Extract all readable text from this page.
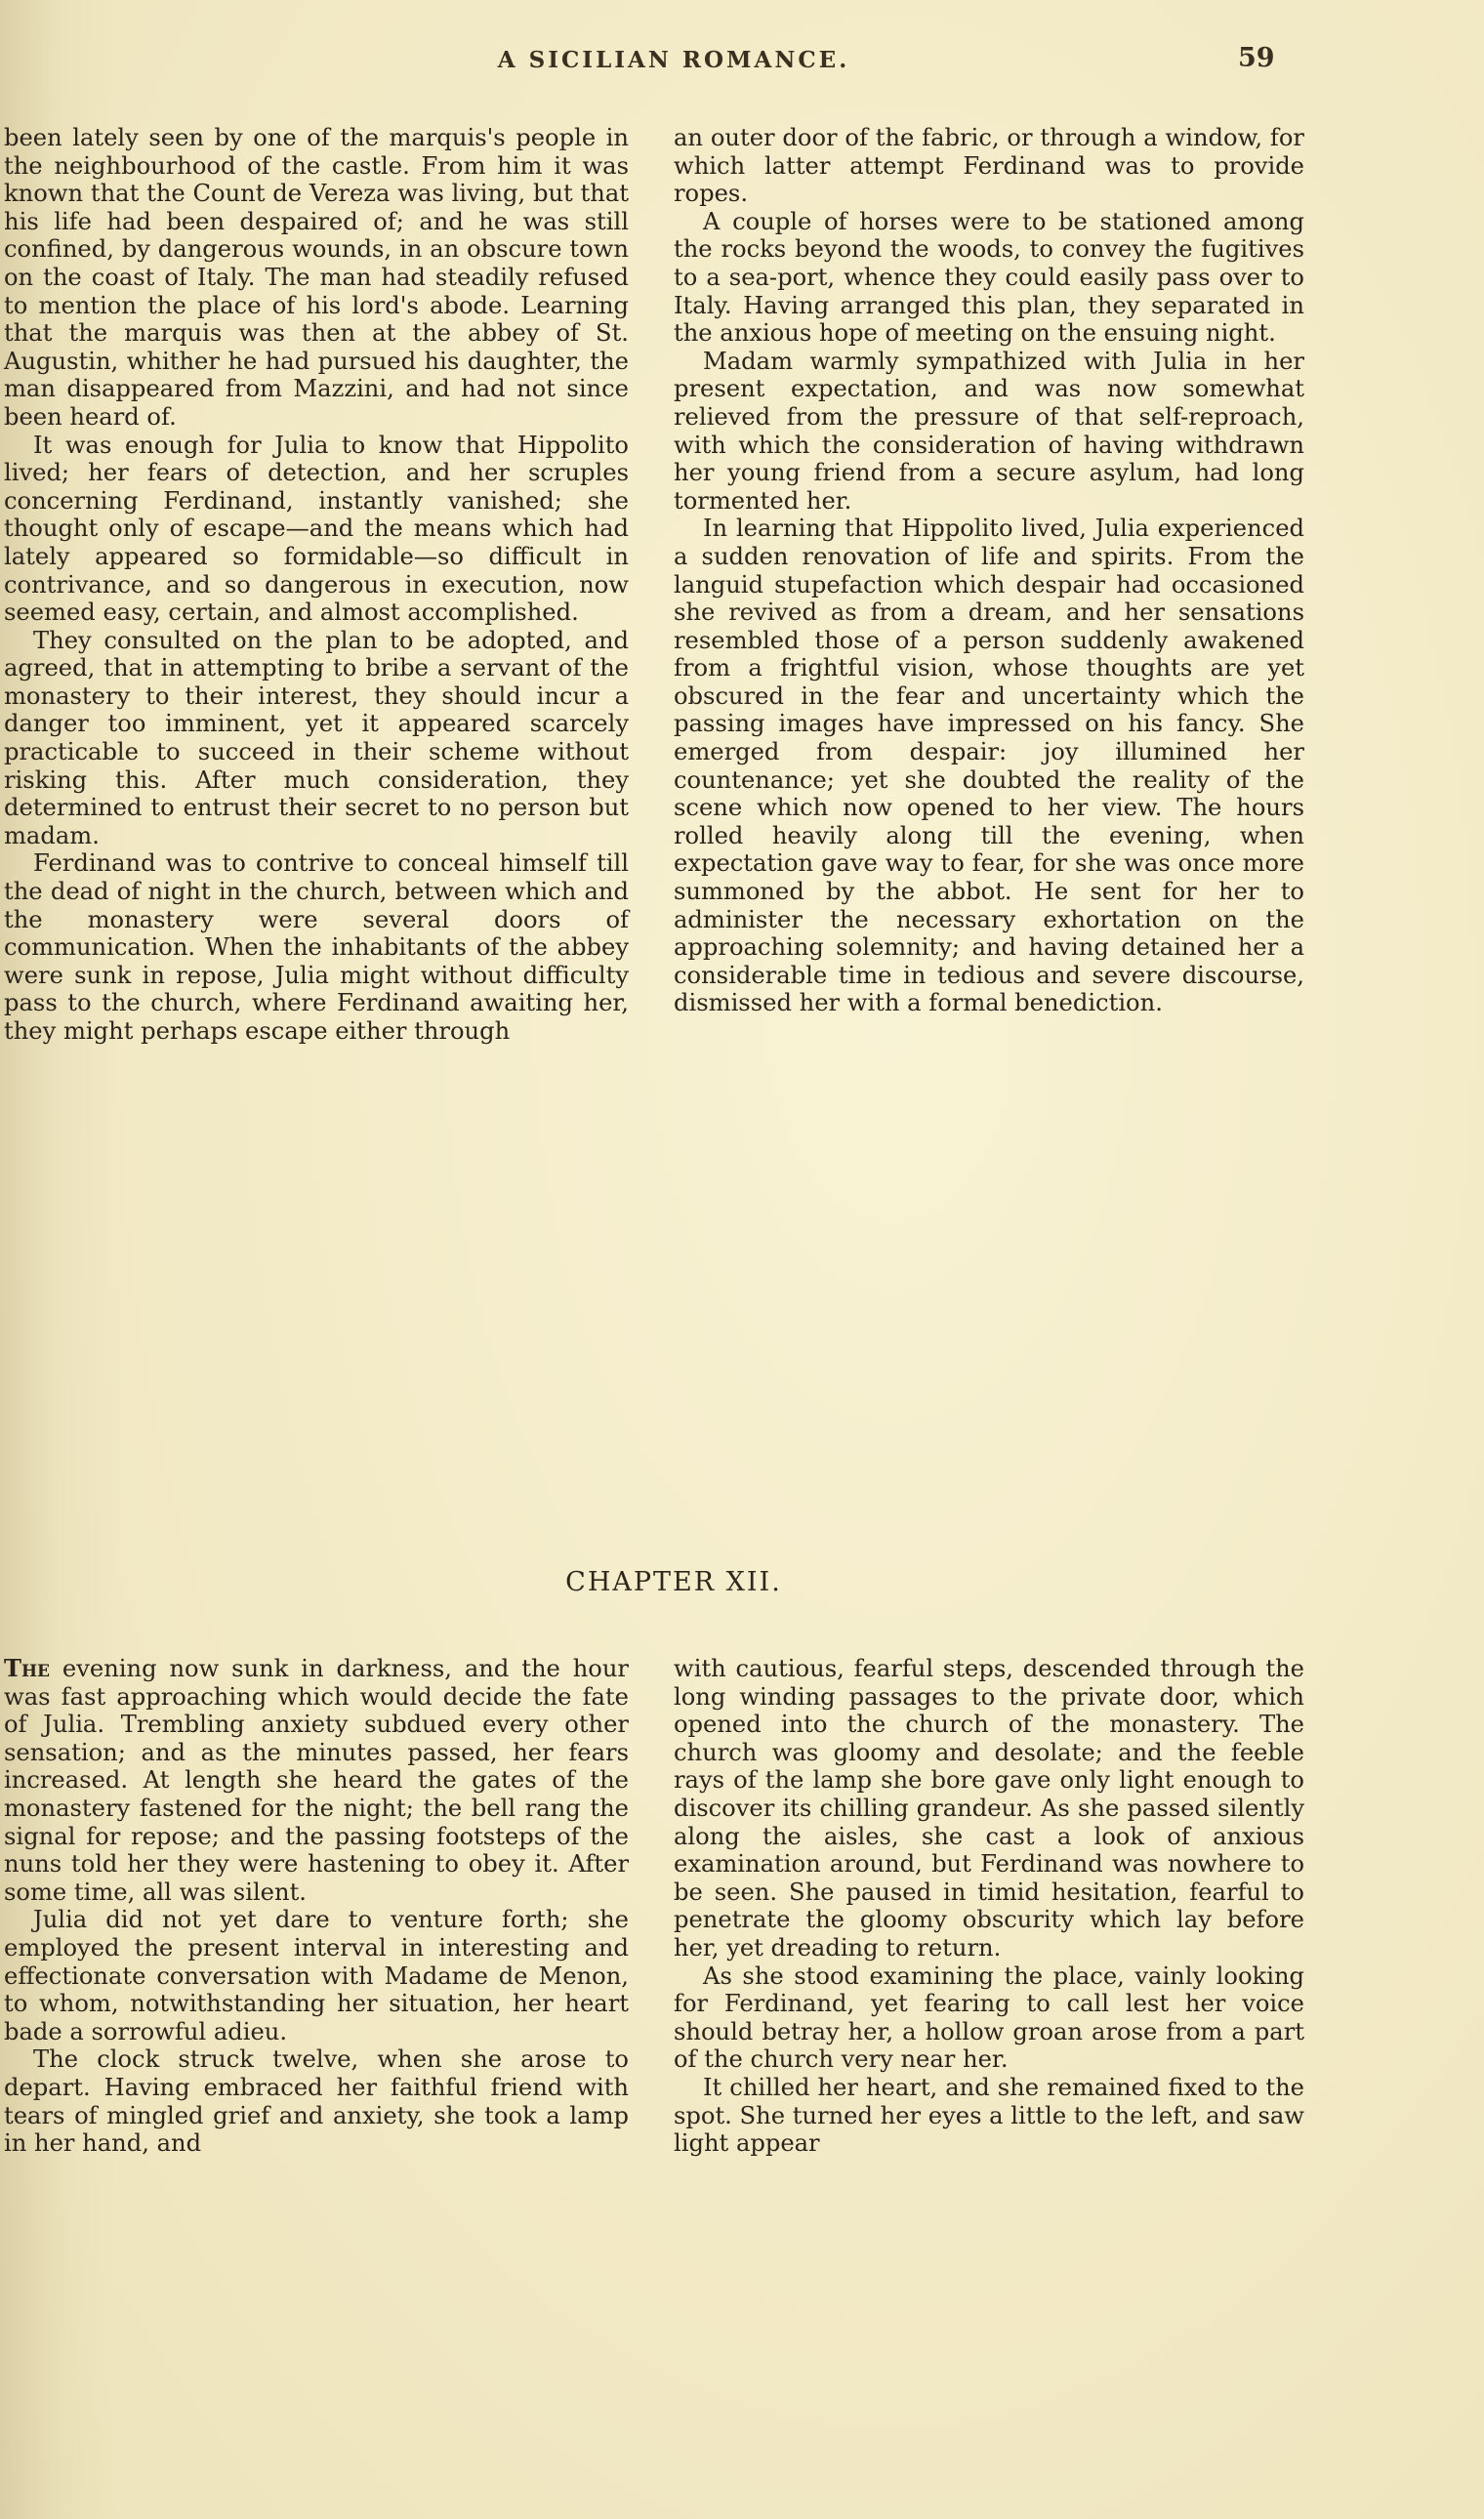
A SICILIAN ROMANCE.	59

been lately seen by one of the marquis's people in the neighbourhood of the castle. From him it was known that the Count de Vereza was living, but that his life had been despaired of; and he was still confined, by dangerous wounds, in an obscure town on the coast of Italy. The man had steadily refused to mention the place of his lord's abode. Learning that the marquis was then at the abbey of St. Augustin, whither he had pursued his daughter, the man disappeared from Mazzini, and had not since been heard of.

It was enough for Julia to know that Hippolito lived; her fears of detection, and her scruples concerning Ferdinand, instantly vanished; she thought only of escape—and the means which had lately appeared so formidable—so difficult in contrivance, and so dangerous in execution, now seemed easy, certain, and almost accomplished.

They consulted on the plan to be adopted, and agreed, that in attempting to bribe a servant of the monastery to their interest, they should incur a danger too imminent, yet it appeared scarcely practicable to succeed in their scheme without risking this. After much consideration, they determined to entrust their secret to no person but madam.

Ferdinand was to contrive to conceal himself till the dead of night in the church, between which and the monastery were several doors of communication. When the inhabitants of the abbey were sunk in repose, Julia might without difficulty pass to the church, where Ferdinand awaiting her, they might perhaps escape either through

an outer door of the fabric, or through a window, for which latter attempt Ferdinand was to provide ropes.

A couple of horses were to be stationed among the rocks beyond the woods, to convey the fugitives to a sea-port, whence they could easily pass over to Italy. Having arranged this plan, they separated in the anxious hope of meeting on the ensuing night.

Madam warmly sympathized with Julia in her present expectation, and was now somewhat relieved from the pressure of that self-reproach, with which the consideration of having withdrawn her young friend from a secure asylum, had long tormented her.

In learning that Hippolito lived, Julia experienced a sudden renovation of life and spirits. From the languid stupefaction which despair had occasioned she revived as from a dream, and her sensations resembled those of a person suddenly awakened from a frightful vision, whose thoughts are yet obscured in the fear and uncertainty which the passing images have impressed on his fancy. She emerged from despair: joy illumined her countenance; yet she doubted the reality of the scene which now opened to her view. The hours rolled heavily along till the evening, when expectation gave way to fear, for she was once more summoned by the abbot. He sent for her to administer the necessary exhortation on the approaching solemnity; and having detained her a considerable time in tedious and severe discourse, dismissed her with a formal benediction.

CHAPTER XII.

The evening now sunk in darkness, and the hour was fast approaching which would decide the fate of Julia. Trembling anxiety subdued every other sensation; and as the minutes passed, her fears increased. At length she heard the gates of the monastery fastened for the night; the bell rang the signal for repose; and the passing footsteps of the nuns told her they were hastening to obey it. After some time, all was silent.

Julia did not yet dare to venture forth; she employed the present interval in interesting and effectionate conversation with Madame de Menon, to whom, notwithstanding her situation, her heart bade a sorrowful adieu.

The clock struck twelve, when she arose to depart. Having embraced her faithful friend with tears of mingled grief and anxiety, she took a lamp in her hand, and

with cautious, fearful steps, descended through the long winding passages to the private door, which opened into the church of the monastery. The church was gloomy and desolate; and the feeble rays of the lamp she bore gave only light enough to discover its chilling grandeur. As she passed silently along the aisles, she cast a look of anxious examination around, but Ferdinand was nowhere to be seen. She paused in timid hesitation, fearful to penetrate the gloomy obscurity which lay before her, yet dreading to return.

As she stood examining the place, vainly looking for Ferdinand, yet fearing to call lest her voice should betray her, a hollow groan arose from a part of the church very near her.

It chilled her heart, and she remained fixed to the spot. She turned her eyes a little to the left, and saw light appear
